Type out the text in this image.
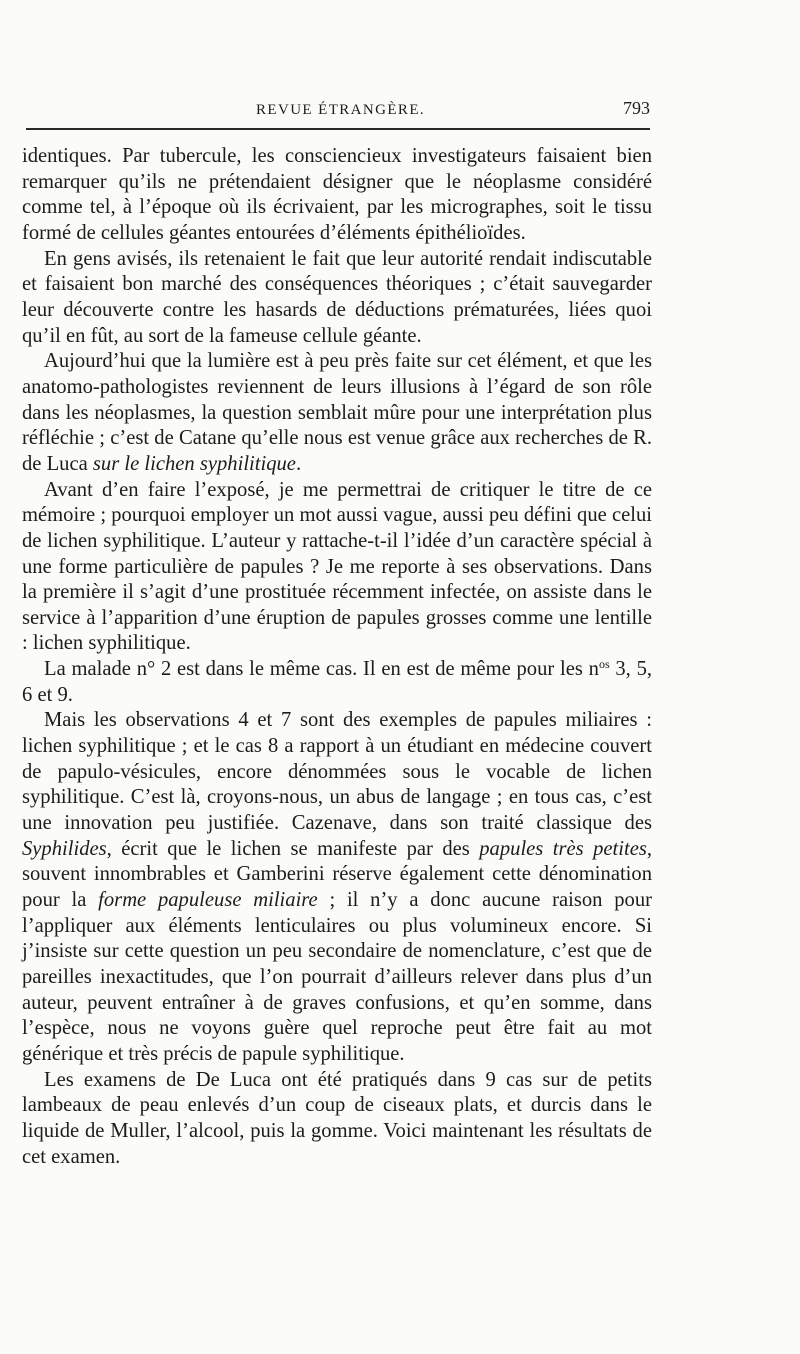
REVUE ÉTRANGÈRE.	793

identiques. Par tubercule, les consciencieux investigateurs faisaient bien remarquer qu’ils ne prétendaient désigner que le néoplasme considéré comme tel, à l’époque où ils écrivaient, par les micrographes, soit le tissu formé de cellules géantes entourées d’éléments épithélioïdes.

En gens avisés, ils retenaient le fait que leur autorité rendait indiscutable et faisaient bon marché des conséquences théoriques ; c’était sauvegarder leur découverte contre les hasards de déductions prématurées, liées quoi qu’il en fût, au sort de la fameuse cellule géante.

Aujourd’hui que la lumière est à peu près faite sur cet élément, et que les anatomo-pathologistes reviennent de leurs illusions à l’égard de son rôle dans les néoplasmes, la question semblait mûre pour une interprétation plus réfléchie ; c’est de Catane qu’elle nous est venue grâce aux recherches de R. de Luca sur le lichen syphilitique.

Avant d’en faire l’exposé, je me permettrai de critiquer le titre de ce mémoire ; pourquoi employer un mot aussi vague, aussi peu défini que celui de lichen syphilitique. L’auteur y rattache-t-il l’idée d’un caractère spécial à une forme particulière de papules ? Je me reporte à ses observations. Dans la première il s’agit d’une prostituée récemment infectée, on assiste dans le service à l’apparition d’une éruption de papules grosses comme une lentille : lichen syphilitique.

La malade n° 2 est dans le même cas. Il en est de même pour les $n^{os}$ 3, 5, 6 et 9.

Mais les observations 4 et 7 sont des exemples de papules miliaires : lichen syphilitique ; et le cas 8 a rapport à un étudiant en médecine couvert de papulo-vésicules, encore dénommées sous le vocable de lichen syphilitique. C’est là, croyons-nous, un abus de langage ; en tous cas, c’est une innovation peu justifiée. Cazenave, dans son traité classique des Syphilides, écrit que le lichen se manifeste par des papules très petites, souvent innombrables et Gamberini réserve également cette dénomination pour la forme papuleuse miliaire ; il n’y a donc aucune raison pour l’appliquer aux éléments lenticulaires ou plus volumineux encore. Si j’insiste sur cette question un peu secondaire de nomenclature, c’est que de pareilles inexactitudes, que l’on pourrait d’ailleurs relever dans plus d’un auteur, peuvent entraîner à de graves confusions, et qu’en somme, dans l’espèce, nous ne voyons guère quel reproche peut être fait au mot générique et très précis de papule syphilitique.

Les examens de De Luca ont été pratiqués dans 9 cas sur de petits lambeaux de peau enlevés d’un coup de ciseaux plats, et durcis dans le liquide de Muller, l’alcool, puis la gomme. Voici maintenant les résultats de cet examen.
